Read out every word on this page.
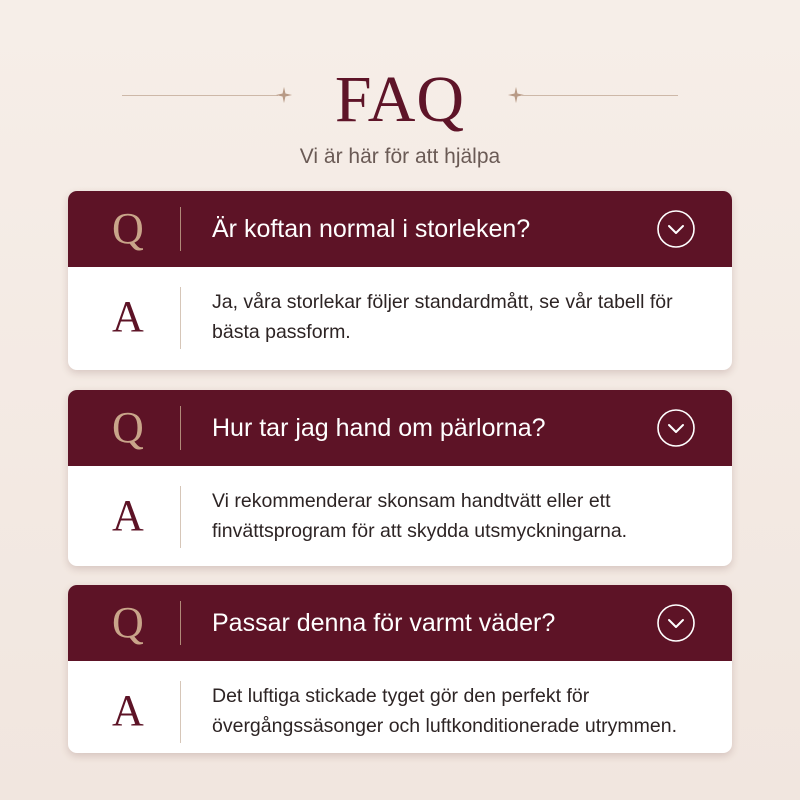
FAQ
Vi är här för att hjälpa
Q	Är koftan normal i storleken?
A	Ja, våra storlekar följer standardmått, se vår tabell för bästa passform.
Q	Hur tar jag hand om pärlorna?
A	Vi rekommenderar skonsam handtvätt eller ett finvättsprogram för att skydda utsmyckningarna.
Q	Passar denna för varmt väder?
A	Det luftiga stickade tyget gör den perfekt för övergångssäsonger och luftkonditionerade utrymmen.
